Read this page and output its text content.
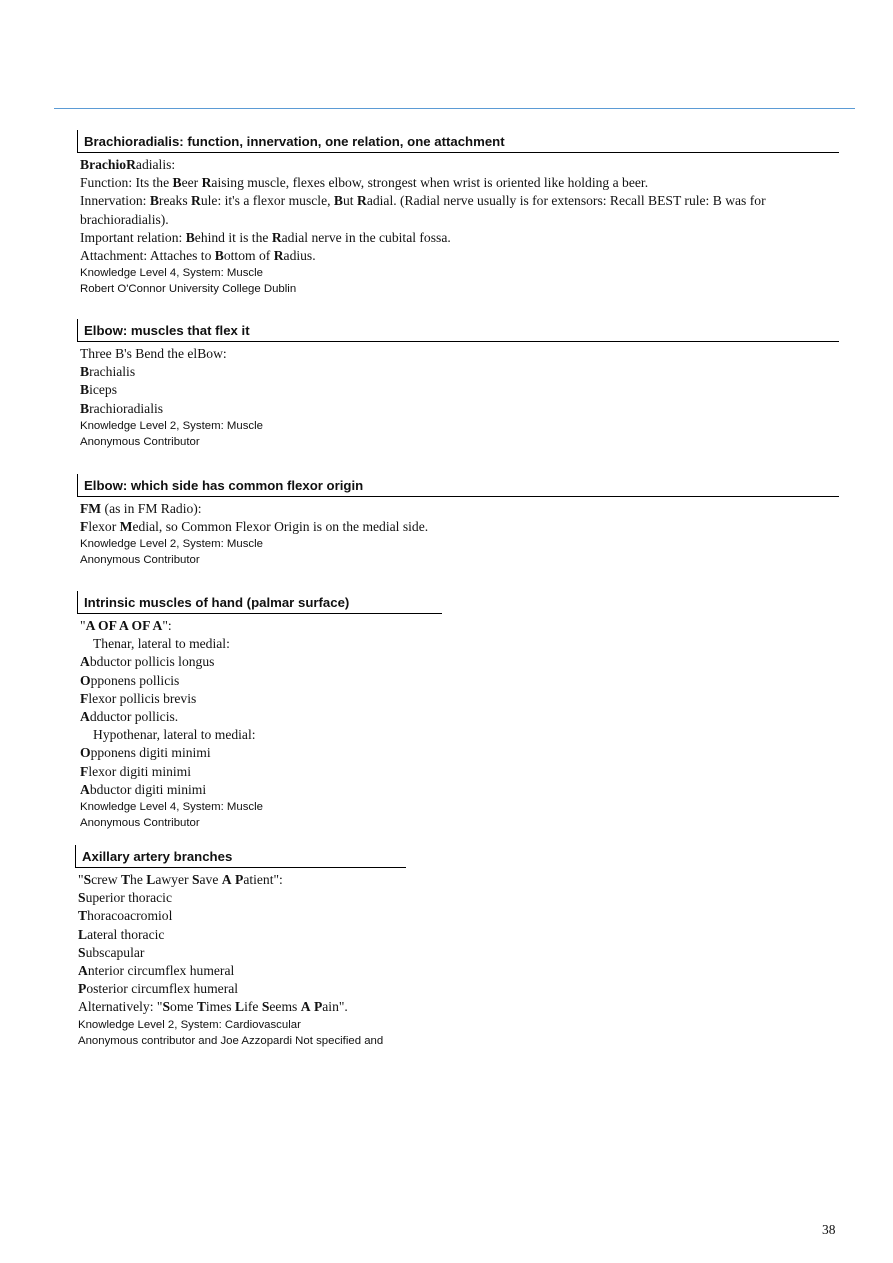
Brachioradialis: function, innervation, one relation, one attachment

BrachioRadialis:

Function: Its the Beer Raising muscle, flexes elbow, strongest when wrist is oriented like holding a beer.

Innervation: Breaks Rule: it's a flexor muscle, But Radial. (Radial nerve usually is for extensors: Recall BEST rule: B was for brachioradialis).

Important relation: Behind it is the Radial nerve in the cubital fossa.

Attachment: Attaches to Bottom of Radius.

Knowledge Level 4, System: Muscle

Robert O'Connor University College Dublin

Elbow: muscles that flex it

Three B's Bend the elBow:

Brachialis

Biceps

Brachioradialis

Knowledge Level 2, System: Muscle

Anonymous Contributor

Elbow: which side has common flexor origin

FM (as in FM Radio):

Flexor Medial, so Common Flexor Origin is on the medial side.

Knowledge Level 2, System: Muscle

Anonymous Contributor

Intrinsic muscles of hand (palmar surface)

"A OF A OF A":

Thenar, lateral to medial:

Abductor pollicis longus

Opponens pollicis

Flexor pollicis brevis

Adductor pollicis.

Hypothenar, lateral to medial:

Opponens digiti minimi

Flexor digiti minimi

Abductor digiti minimi

Knowledge Level 4, System: Muscle

Anonymous Contributor

Axillary artery branches

"Screw The Lawyer Save A Patient":

Superior thoracic

Thoracoacromiol

Lateral thoracic

Subscapular

Anterior circumflex humeral

Posterior circumflex humeral

Alternatively: "Some Times Life Seems A Pain".

Knowledge Level 2, System: Cardiovascular

Anonymous contributor and Joe Azzopardi Not specified and

38
